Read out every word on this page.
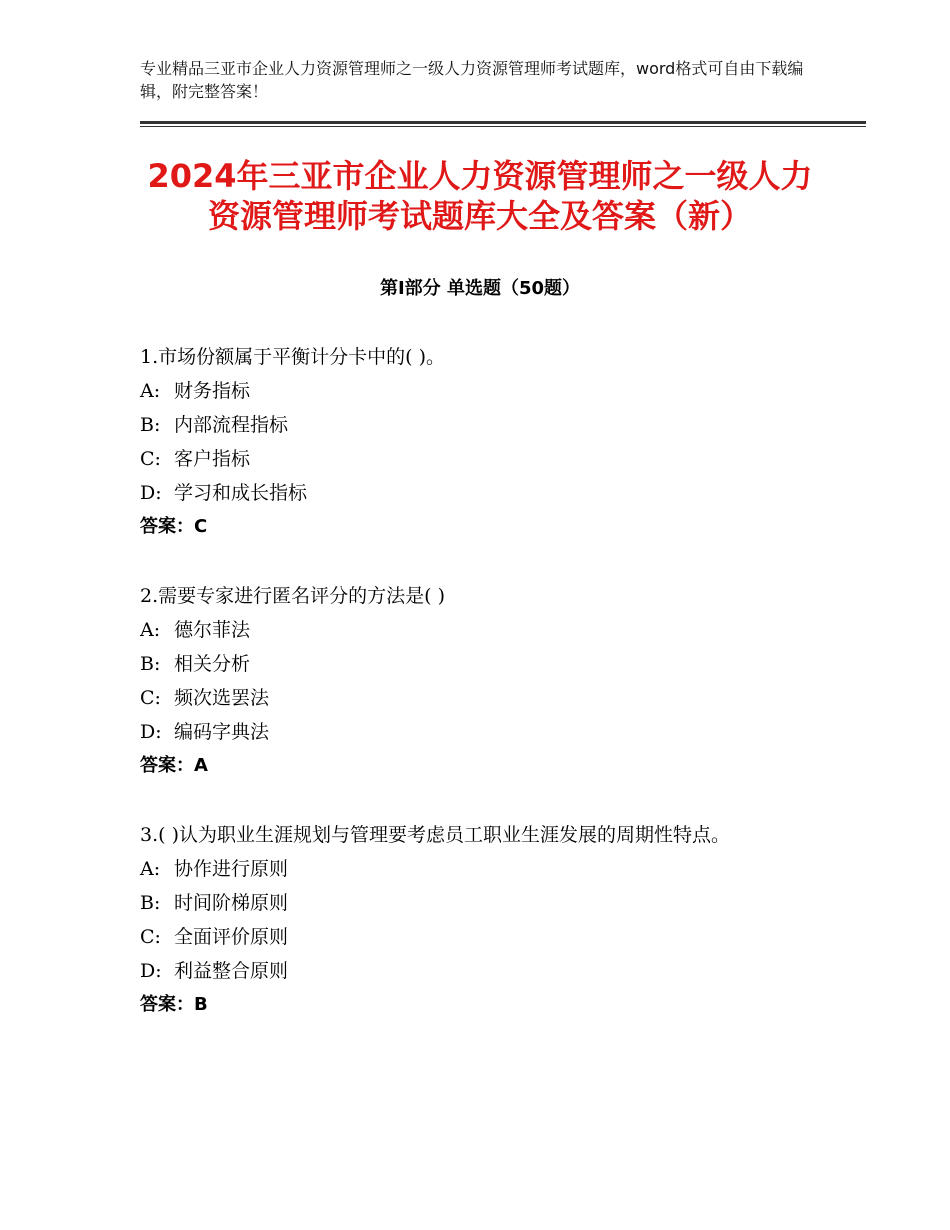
专业精品三亚市企业人力资源管理师之一级人力资源管理师考试题库，word格式可自由下载编辑，附完整答案！
2024年三亚市企业人力资源管理师之一级人力资源管理师考试题库大全及答案（新）
第Ⅰ部分 单选题（50题）
1.市场份额属于平衡计分卡中的( )。
A: 财务指标
B: 内部流程指标
C: 客户指标
D: 学习和成长指标
答案：C
2.需要专家进行匿名评分的方法是( )
A: 德尔菲法
B: 相关分析
C: 频次选罢法
D: 编码字典法
答案：A
3.( )认为职业生涯规划与管理要考虑员工职业生涯发展的周期性特点。
A: 协作进行原则
B: 时间阶梯原则
C: 全面评价原则
D: 利益整合原则
答案：B
